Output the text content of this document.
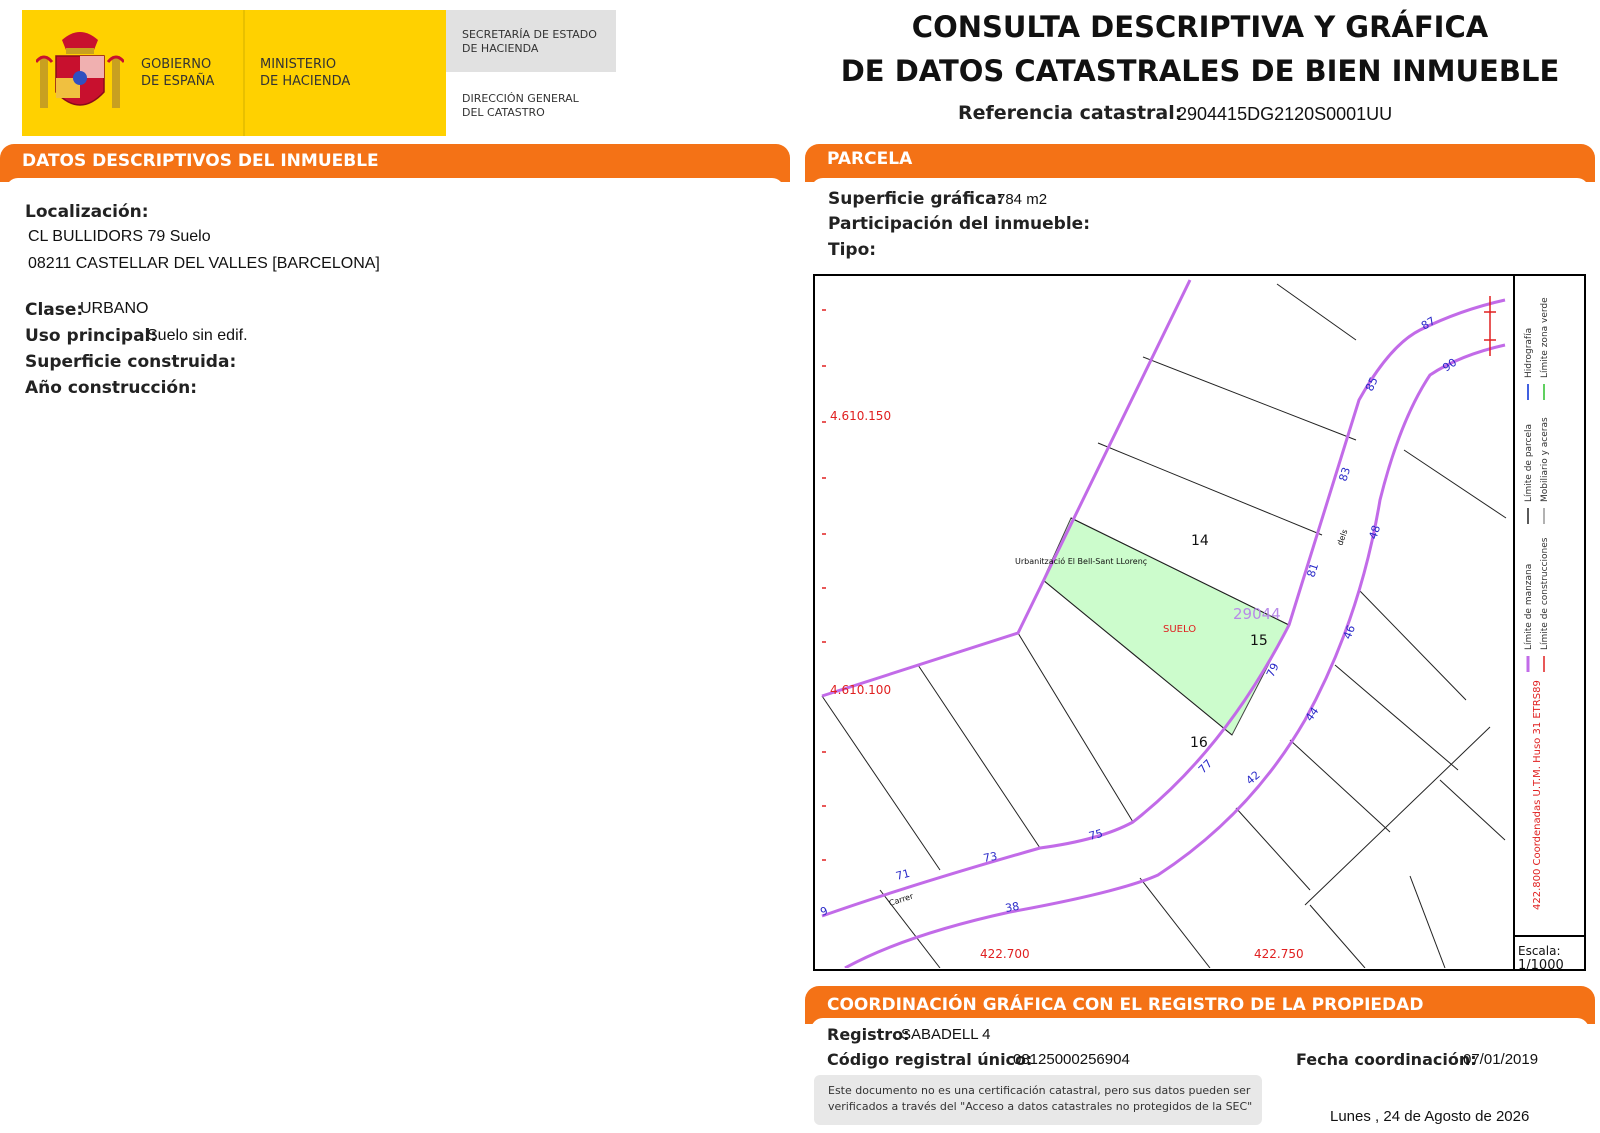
GOBIERNO
DE ESPAÑA
MINISTERIO
DE HACIENDA
SECRETARÍA DE ESTADO
DE HACIENDA
DIRECCIÓN GENERAL
DEL CATASTRO
CONSULTA DESCRIPTIVA Y GRÁFICA
DE DATOS CATASTRALES DE BIEN INMUEBLE
Referencia catastral:
2904415DG2120S0001UU
DATOS DESCRIPTIVOS DEL INMUEBLE
Localización:
CL BULLIDORS 79 Suelo
08211 CASTELLAR DEL VALLES [BARCELONA]
Clase:
URBANO
Uso principal:
Suelo sin edif.
Superficie construida:
Año construcción:
PARCELA
Superficie gráfica:
784 m2
Participación del inmueble:
Tipo:
4.610.150
4.610.100
422.700	422.750
29044
SUELO
Urbanització El Bell-Sant LLorenç
Carrer
dels
14
15
16
87
85
83
81
79
77
75
73
71
9
90
48
46
44
42
38
Límite de manzana Límite de construcciones
Límite de parcela Mobiliario y aceras
Hidrografía Límite zona verde
422.800 Coordenadas U.T.M. Huso 31 ETRS89
Escala:
1/1000
COORDINACIÓN GRÁFICA CON EL REGISTRO DE LA PROPIEDAD
Registro:
SABADELL 4
Código registral único:
08125000256904	Fecha coordinación:
07/01/2019
Este documento no es una certificación catastral, pero sus datos pueden ser
verificados a través del "Acceso a datos catastrales no protegidos de la SEC"
Lunes , 24 de Agosto de 2026
